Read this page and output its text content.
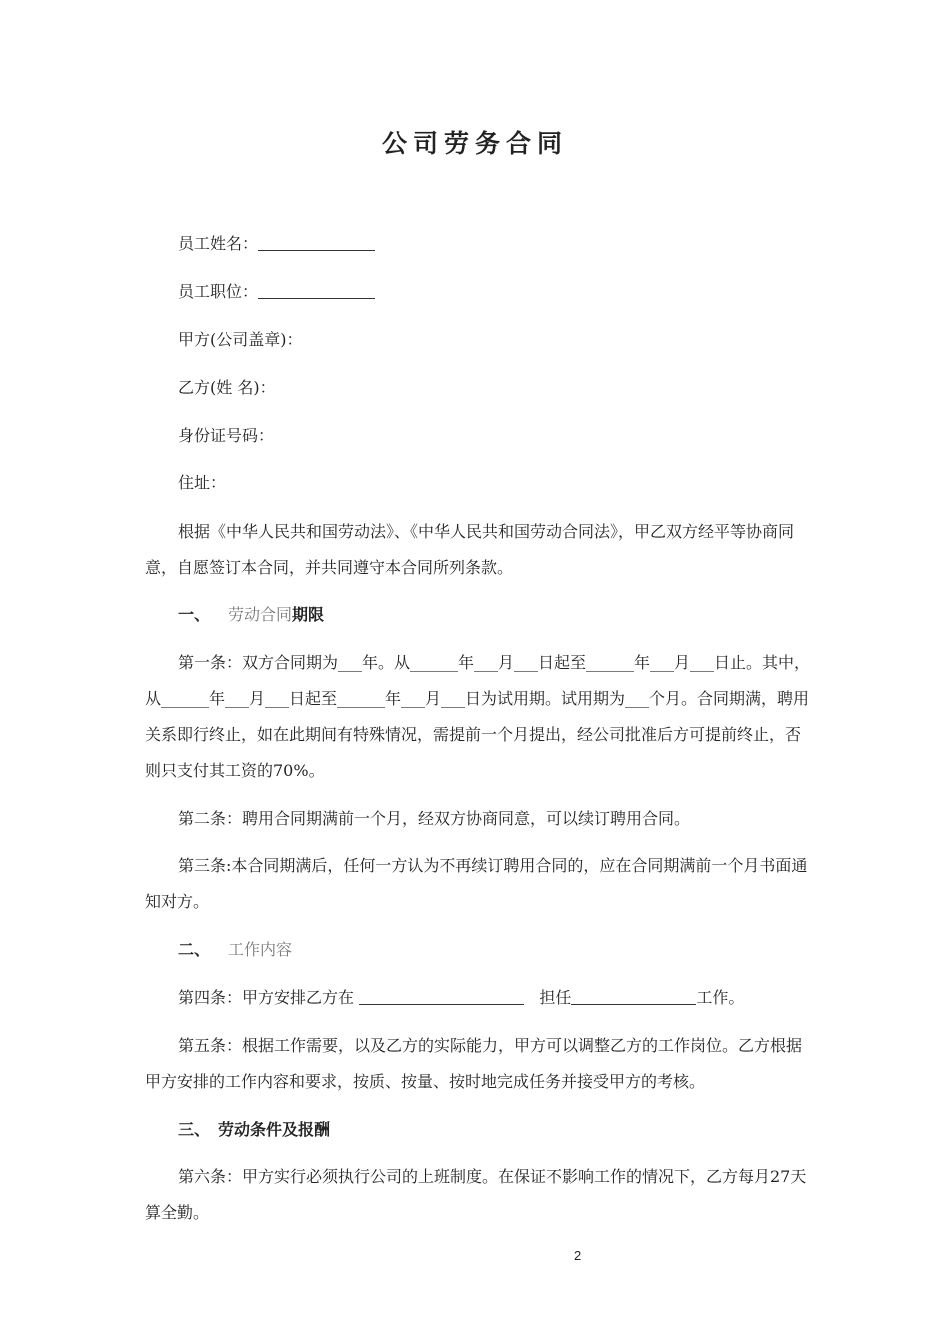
公司劳务合同
员工姓名：
员工职位：
甲方(公司盖章)：
乙方(姓 名)：
身份证号码：
住址：
根据《中华人民共和国劳动法》、《中华人民共和国劳动合同法》，甲乙双方经平等协商同意，自愿签订本合同，并共同遵守本合同所列条款。
一、 劳动合同期限
第一条：双方合同期为___年。从______年___月___日起至______年___月___日止。其中，从______年___月___日起至______年___月___日为试用期。试用期为___个月。合同期满，聘用关系即行终止，如在此期间有特殊情况，需提前一个月提出，经公司批准后方可提前终止，否则只支付其工资的70%。
第二条：聘用合同期满前一个月，经双方协商同意，可以续订聘用合同。
第三条:本合同期满后，任何一方认为不再续订聘用合同的，应在合同期满前一个月书面通知对方。
二、 工作内容
第四条：甲方安排乙方在	担任	工作。
第五条：根据工作需要，以及乙方的实际能力，甲方可以调整乙方的工作岗位。乙方根据甲方安排的工作内容和要求，按质、按量、按时地完成任务并接受甲方的考核。
三、 劳动条件及报酬
第六条：甲方实行必须执行公司的上班制度。在保证不影响工作的情况下，乙方每月27天算全勤。
2
